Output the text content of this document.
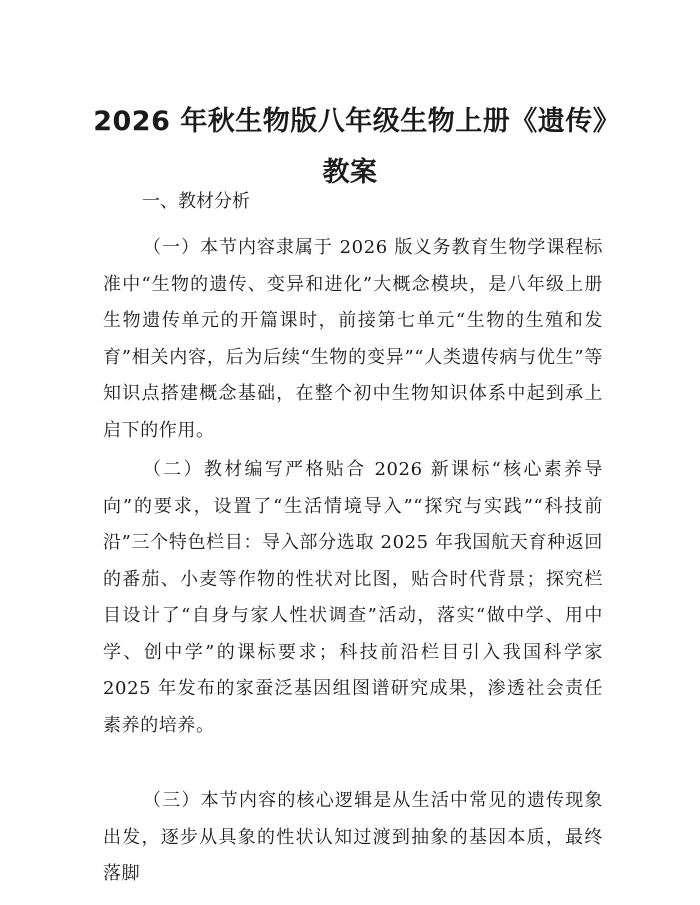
2026 年秋生物版八年级生物上册《遗传》教案
一、教材分析

（一）本节内容隶属于 2026 版义务教育生物学课程标准中“生物的遗传、变异和进化”大概念模块，是八年级上册生物遗传单元的开篇课时，前接第七单元“生物的生殖和发育”相关内容，后为后续“生物的变异”“人类遗传病与优生”等知识点搭建概念基础，在整个初中生物知识体系中起到承上启下的作用。

（二）教材编写严格贴合 2026 新课标“核心素养导向”的要求，设置了“生活情境导入”“探究与实践”“科技前沿”三个特色栏目：导入部分选取 2025 年我国航天育种返回的番茄、小麦等作物的性状对比图，贴合时代背景；探究栏目设计了“自身与家人性状调查”活动，落实“做中学、用中学、创中学”的课标要求；科技前沿栏目引入我国科学家 2025 年发布的家蚕泛基因组图谱研究成果，渗透社会责任素养的培养。

（三）本节内容的核心逻辑是从生活中常见的遗传现象出发，逐步从具象的性状认知过渡到抽象的基因本质，最终落脚
